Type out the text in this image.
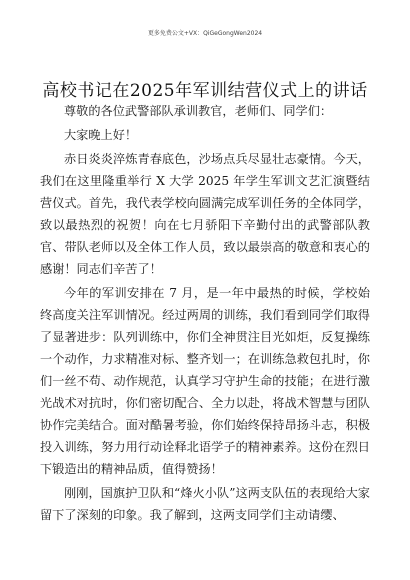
更多免费公文+VX：QiGeGongWen2024
高校书记在2025年军训结营仪式上的讲话

尊敬的各位武警部队承训教官，老师们、同学们：

大家晚上好！

赤日炎炎淬炼青春底色，沙场点兵尽显壮志豪情。今天，我们在这里隆重举行 X 大学 2025 年学生军训文艺汇演暨结营仪式。首先，我代表学校向圆满完成军训任务的全体同学，致以最热烈的祝贺！向在七月骄阳下辛勤付出的武警部队教官、带队老师以及全体工作人员，致以最崇高的敬意和衷心的感谢！同志们辛苦了！

今年的军训安排在 7 月，是一年中最热的时候，学校始终高度关注军训情况。经过两周的训练，我们看到同学们取得了显著进步：队列训练中，你们全神贯注目光如炬，反复操练一个动作，力求精准对标、整齐划一；在训练急救包扎时，你们一丝不苟、动作规范，认真学习守护生命的技能；在进行激光战术对抗时，你们密切配合、全力以赴，将战术智慧与团队协作完美结合。面对酷暑考验，你们始终保持昂扬斗志，积极投入训练，努力用行动诠释北语学子的精神素养。这份在烈日下锻造出的精神品质，值得赞扬！

刚刚，国旗护卫队和“烽火小队”这两支队伍的表现给大家留下了深刻的印象。我了解到，这两支同学们主动请缨、
